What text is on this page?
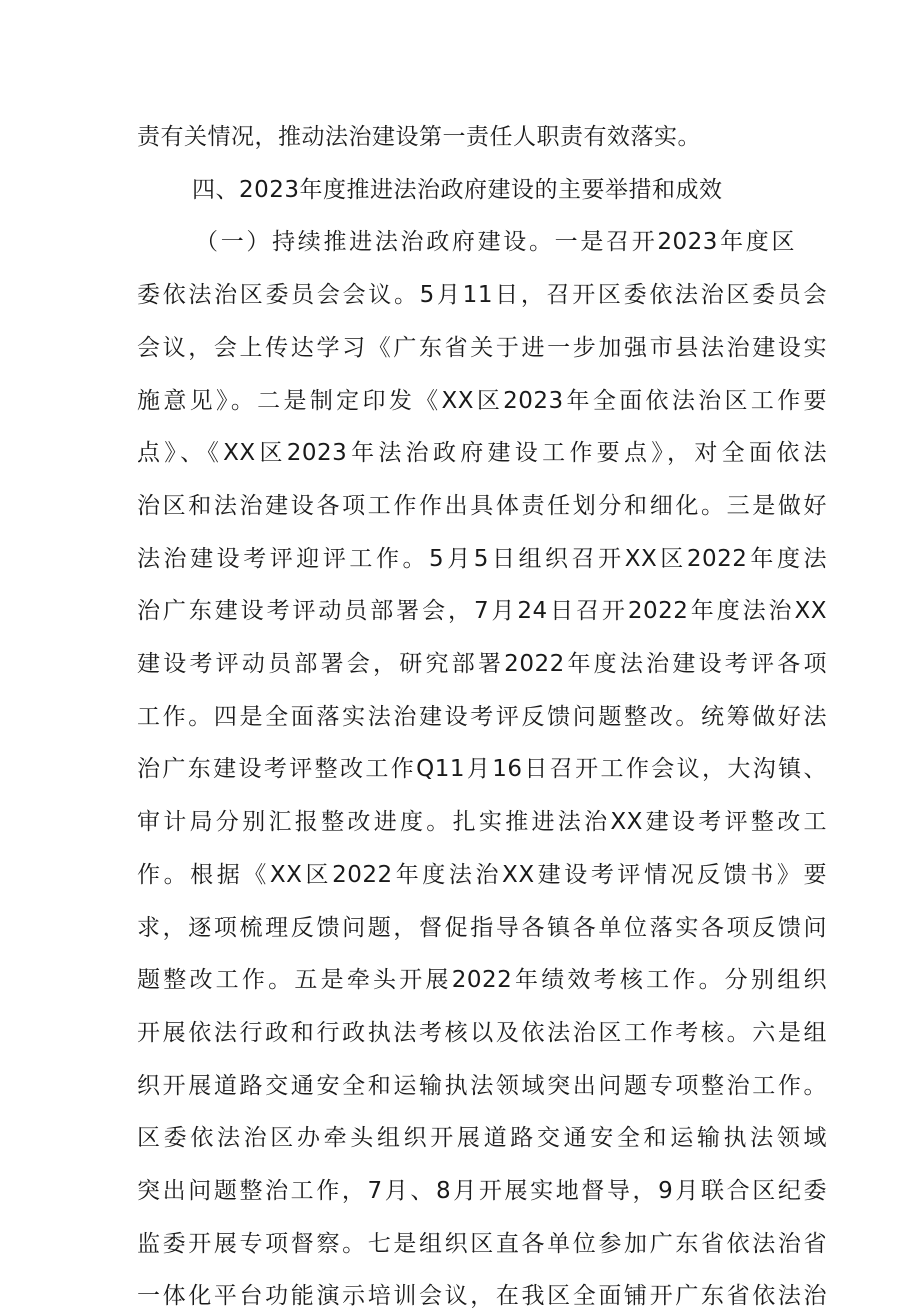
责有关情况，推动法治建设第一责任人职责有效落实。
四、2023年度推进法治政府建设的主要举措和成效
（一）持续推进法治政府建设。一是召开2023年度区
委依法治区委员会会议。5月11日，召开区委依法治区委员会
会议，会上传达学习《广东省关于进一步加强市县法治建设实
施意见》。二是制定印发《XX区2023年全面依法治区工作要
点》、《XX区2023年法治政府建设工作要点》，对全面依法
治区和法治建设各项工作作出具体责任划分和细化。三是做好
法治建设考评迎评工作。5月5日组织召开XX区2022年度法
治广东建设考评动员部署会，7月24日召开2022年度法治XX
建设考评动员部署会，研究部署2022年度法治建设考评各项
工作。四是全面落实法治建设考评反馈问题整改。统筹做好法
治广东建设考评整改工作Q11月16日召开工作会议，大沟镇、
审计局分别汇报整改进度。扎实推进法治XX建设考评整改工
作。根据《XX区2022年度法治XX建设考评情况反馈书》要
求，逐项梳理反馈问题，督促指导各镇各单位落实各项反馈问
题整改工作。五是牵头开展2022年绩效考核工作。分别组织
开展依法行政和行政执法考核以及依法治区工作考核。六是组
织开展道路交通安全和运输执法领域突出问题专项整治工作。
区委依法治区办牵头组织开展道路交通安全和运输执法领域
突出问题整治工作，7月、8月开展实地督导，9月联合区纪委
监委开展专项督察。七是组织区直各单位参加广东省依法治省
一体化平台功能演示培训会议，在我区全面铺开广东省依法治
